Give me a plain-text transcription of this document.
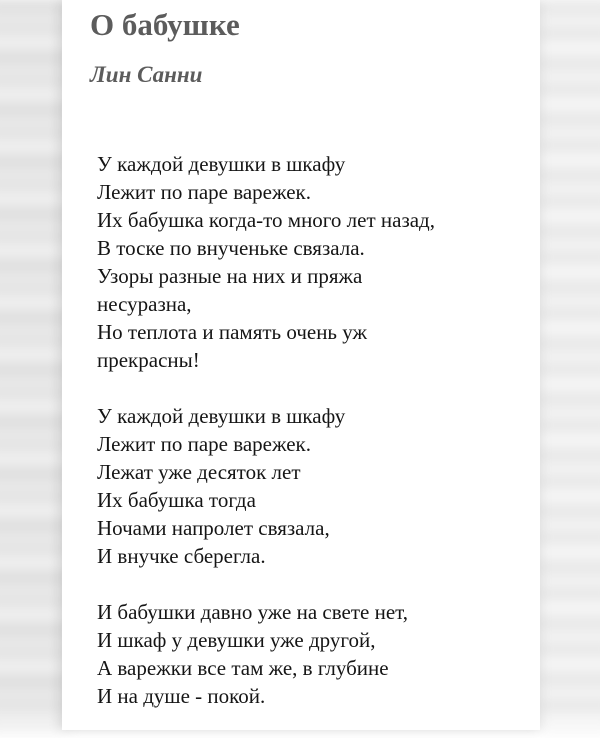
О бабушке
Лин Санни
У каждой девушки в шкафу
Лежит по паре варежек.
Их бабушка когда-то много лет назад,
В тоске по внученьке связала.
Узоры разные на них и пряжа
несуразна,
Но теплота и память очень уж
прекрасны!
У каждой девушки в шкафу
Лежит по паре варежек.
Лежат уже десяток лет
Их бабушка тогда
Ночами напролет связала,
И внучке сберегла.
И бабушки давно уже на свете нет,
И шкаф у девушки уже другой,
А варежки все там же, в глубине
И на душе - покой.
